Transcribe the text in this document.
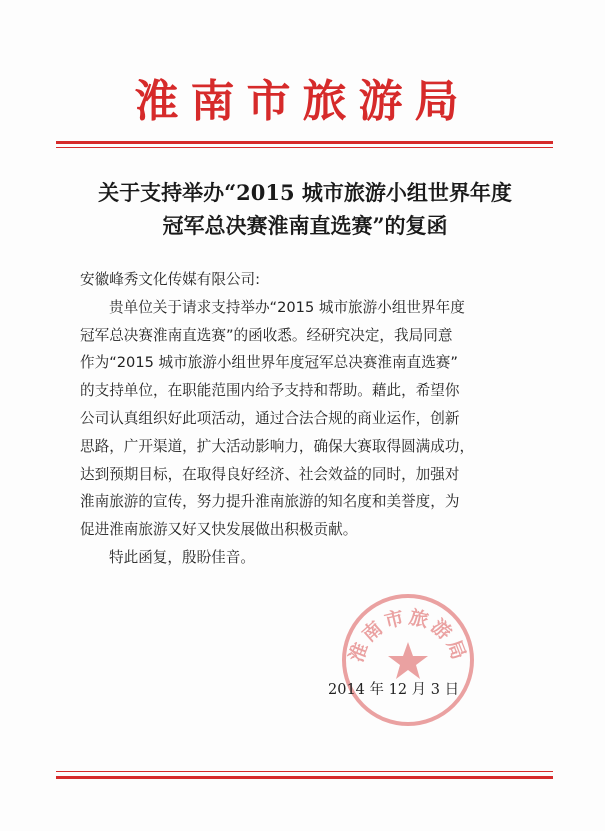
淮南市旅游局
关于支持举办“2015 城市旅游小组世界年度
冠军总决赛淮南直选赛”的复函
安徽峰秀文化传媒有限公司:
贵单位关于请求支持举办“2015 城市旅游小组世界年度
冠军总决赛淮南直选赛”的函收悉。经研究决定，我局同意
作为“2015 城市旅游小组世界年度冠军总决赛淮南直选赛”
的支持单位，在职能范围内给予支持和帮助。藉此，希望你
公司认真组织好此项活动，通过合法合规的商业运作，创新
思路，广开渠道，扩大活动影响力，确保大赛取得圆满成功，
达到预期目标，在取得良好经济、社会效益的同时，加强对
淮南旅游的宣传，努力提升淮南旅游的知名度和美誉度，为
促进淮南旅游又好又快发展做出积极贡献。
特此函复，殷盼佳音。
淮南市旅游局
2014 年 12 月 3 日
